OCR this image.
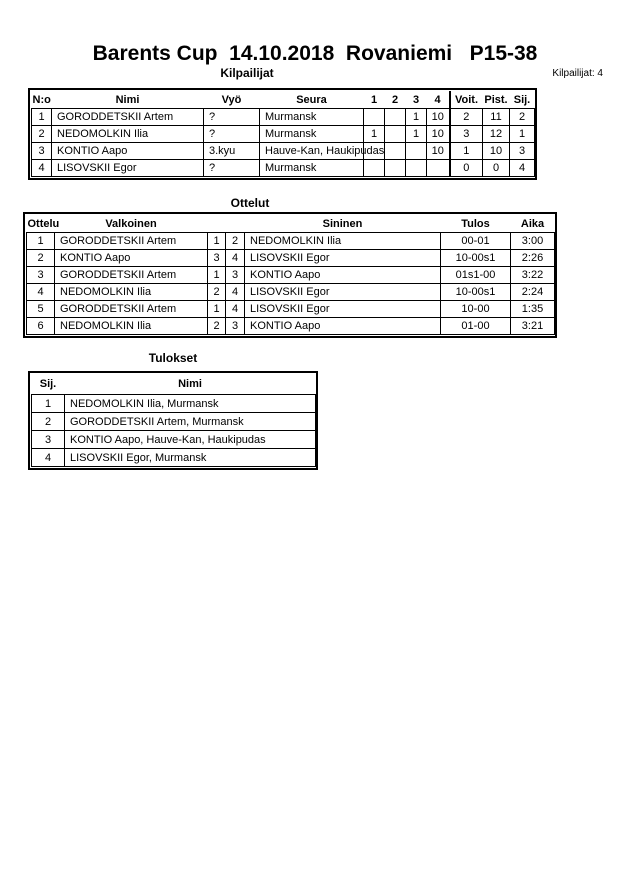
Barents Cup  14.10.2018  Rovaniemi   P15-38
Kilpailijat	Kilpailijat: 4
N:o	Nimi	Vyö	Seura	1	2	3	4	Voit.	Pist.	Sij.
1	GORODDETSKII Artem	?	Murmansk			1	10	2	11	2
2	NEDOMOLKIN Ilia	?	Murmansk	1		1	10	3	12	1
3	KONTIO Aapo	3.kyu	Hauve-Kan, Haukipudas				10	1	10	3
4	LISOVSKII Egor	?	Murmansk					0	0	4
Ottelut
Ottelu	Valkoinen			Sininen	Tulos	Aika
1	GORODDETSKII Artem	1	2	NEDOMOLKIN Ilia	00-01	3:00
2	KONTIO Aapo	3	4	LISOVSKII Egor	10-00s1	2:26
3	GORODDETSKII Artem	1	3	KONTIO Aapo	01s1-00	3:22
4	NEDOMOLKIN Ilia	2	4	LISOVSKII Egor	10-00s1	2:24
5	GORODDETSKII Artem	1	4	LISOVSKII Egor	10-00	1:35
6	NEDOMOLKIN Ilia	2	3	KONTIO Aapo	01-00	3:21
Tulokset
Sij.	Nimi
1	NEDOMOLKIN Ilia, Murmansk
2	GORODDETSKII Artem, Murmansk
3	KONTIO Aapo, Hauve-Kan, Haukipudas
4	LISOVSKII Egor, Murmansk
